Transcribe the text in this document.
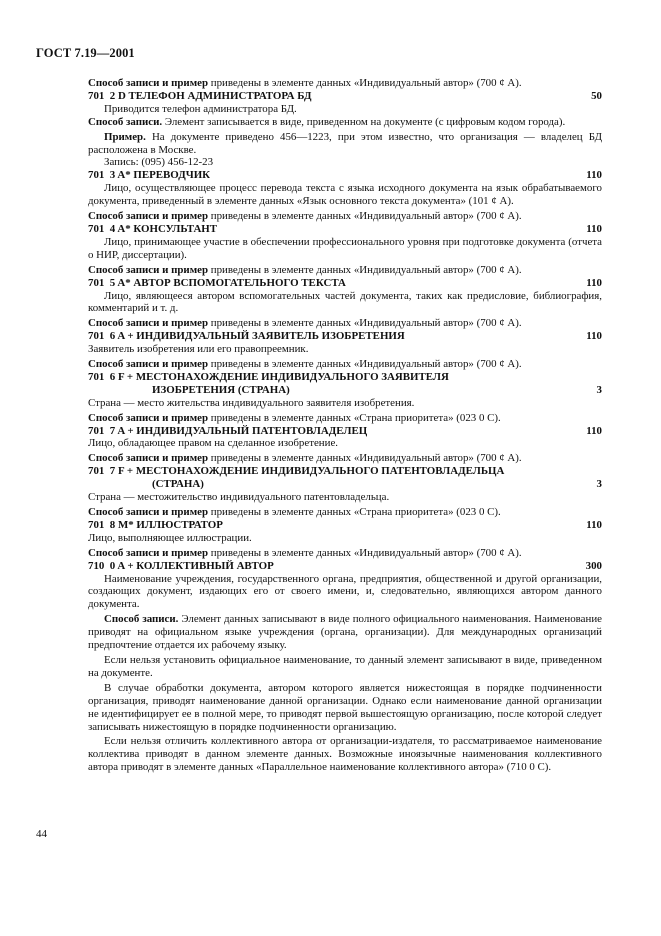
ГОСТ 7.19—2001

Способ записи и пример приведены в элементе данных «Индивидуальный автор» (700 ¢ A).

701  2 D ТЕЛЕФОН АДМИНИСТРАТОРА БД	50

Приводится телефон администратора БД.

Способ записи. Элемент записывается в виде, приведенном на документе (с цифровым кодом города).

Пример. На документе приведено 456—1223, при этом известно, что организация — владелец БД расположена в Москве.

Запись: (095) 456-12-23

701  3 A* ПЕРЕВОДЧИК	110

Лицо, осуществляющее процесс перевода текста с языка исходного документа на язык обрабатываемого документа, приведенный в элементе данных «Язык основного текста документа» (101 ¢ A).

Способ записи и пример приведены в элементе данных «Индивидуальный автор» (700 ¢ A).

701  4 A* КОНСУЛЬТАНТ	110

Лицо, принимающее участие в обеспечении профессионального уровня при подготовке документа (отчета о НИР, диссертации).

Способ записи и пример приведены в элементе данных «Индивидуальный автор» (700 ¢ A).

701  5 A* АВТОР ВСПОМОГАТЕЛЬНОГО ТЕКСТА	110

Лицо, являющееся автором вспомогательных частей документа, таких как предисловие, библиография, комментарий и т. д.

Способ записи и пример приведены в элементе данных «Индивидуальный автор» (700 ¢ A).

701  6 A + ИНДИВИДУАЛЬНЫЙ ЗАЯВИТЕЛЬ ИЗОБРЕТЕНИЯ	110

Заявитель изобретения или его правопреемник.

Способ записи и пример приведены в элементе данных «Индивидуальный автор» (700 ¢ A).

701  6 F + МЕСТОНАХОЖДЕНИЕ ИНДИВИДУАЛЬНОГО ЗАЯВИТЕЛЯ

ИЗОБРЕТЕНИЯ (СТРАНА)	3

Страна — место жительства индивидуального заявителя изобретения.

Способ записи и пример приведены в элементе данных «Страна приоритета» (023 0 C).

701  7 A + ИНДИВИДУАЛЬНЫЙ ПАТЕНТОВЛАДЕЛЕЦ	110

Лицо, обладающее правом на сделанное изобретение.

Способ записи и пример приведены в элементе данных «Индивидуальный автор» (700 ¢ A).

701  7 F + МЕСТОНАХОЖДЕНИЕ ИНДИВИДУАЛЬНОГО ПАТЕНТОВЛАДЕЛЬЦА

(СТРАНА)	3

Страна — местожительство индивидуального патентовладельца.

Способ записи и пример приведены в элементе данных «Страна приоритета» (023 0 C).

701  8 M* ИЛЛЮСТРАТОР	110

Лицо, выполняющее иллюстрации.

Способ записи и пример приведены в элементе данных «Индивидуальный автор» (700 ¢ A).

710  0 A + КОЛЛЕКТИВНЫЙ АВТОР	300

Наименование учреждения, государственного органа, предприятия, общественной и другой организации, создающих документ, издающих его от своего имени, и, следовательно, являющихся автором данного документа.

Способ записи. Элемент данных записывают в виде полного официального наименования. Наименование приводят на официальном языке учреждения (органа, организации). Для международных организаций предпочтение отдается их рабочему языку.

Если нельзя установить официальное наименование, то данный элемент записывают в виде, приведенном на документе.

В случае обработки документа, автором которого является нижестоящая в порядке подчиненности организация, приводят наименование данной организации. Однако если наименование данной организации не идентифицирует ее в полной мере, то приводят первой вышестоящую организацию, после которой следует записывать нижестоящую в порядке подчиненности организацию.

Если нельзя отличить коллективного автора от организации-издателя, то рассматриваемое наименование коллектива приводят в данном элементе данных. Возможные иноязычные наименования коллективного автора приводят в элементе данных «Параллельное наименование коллективного автора» (710 0 C).

44
